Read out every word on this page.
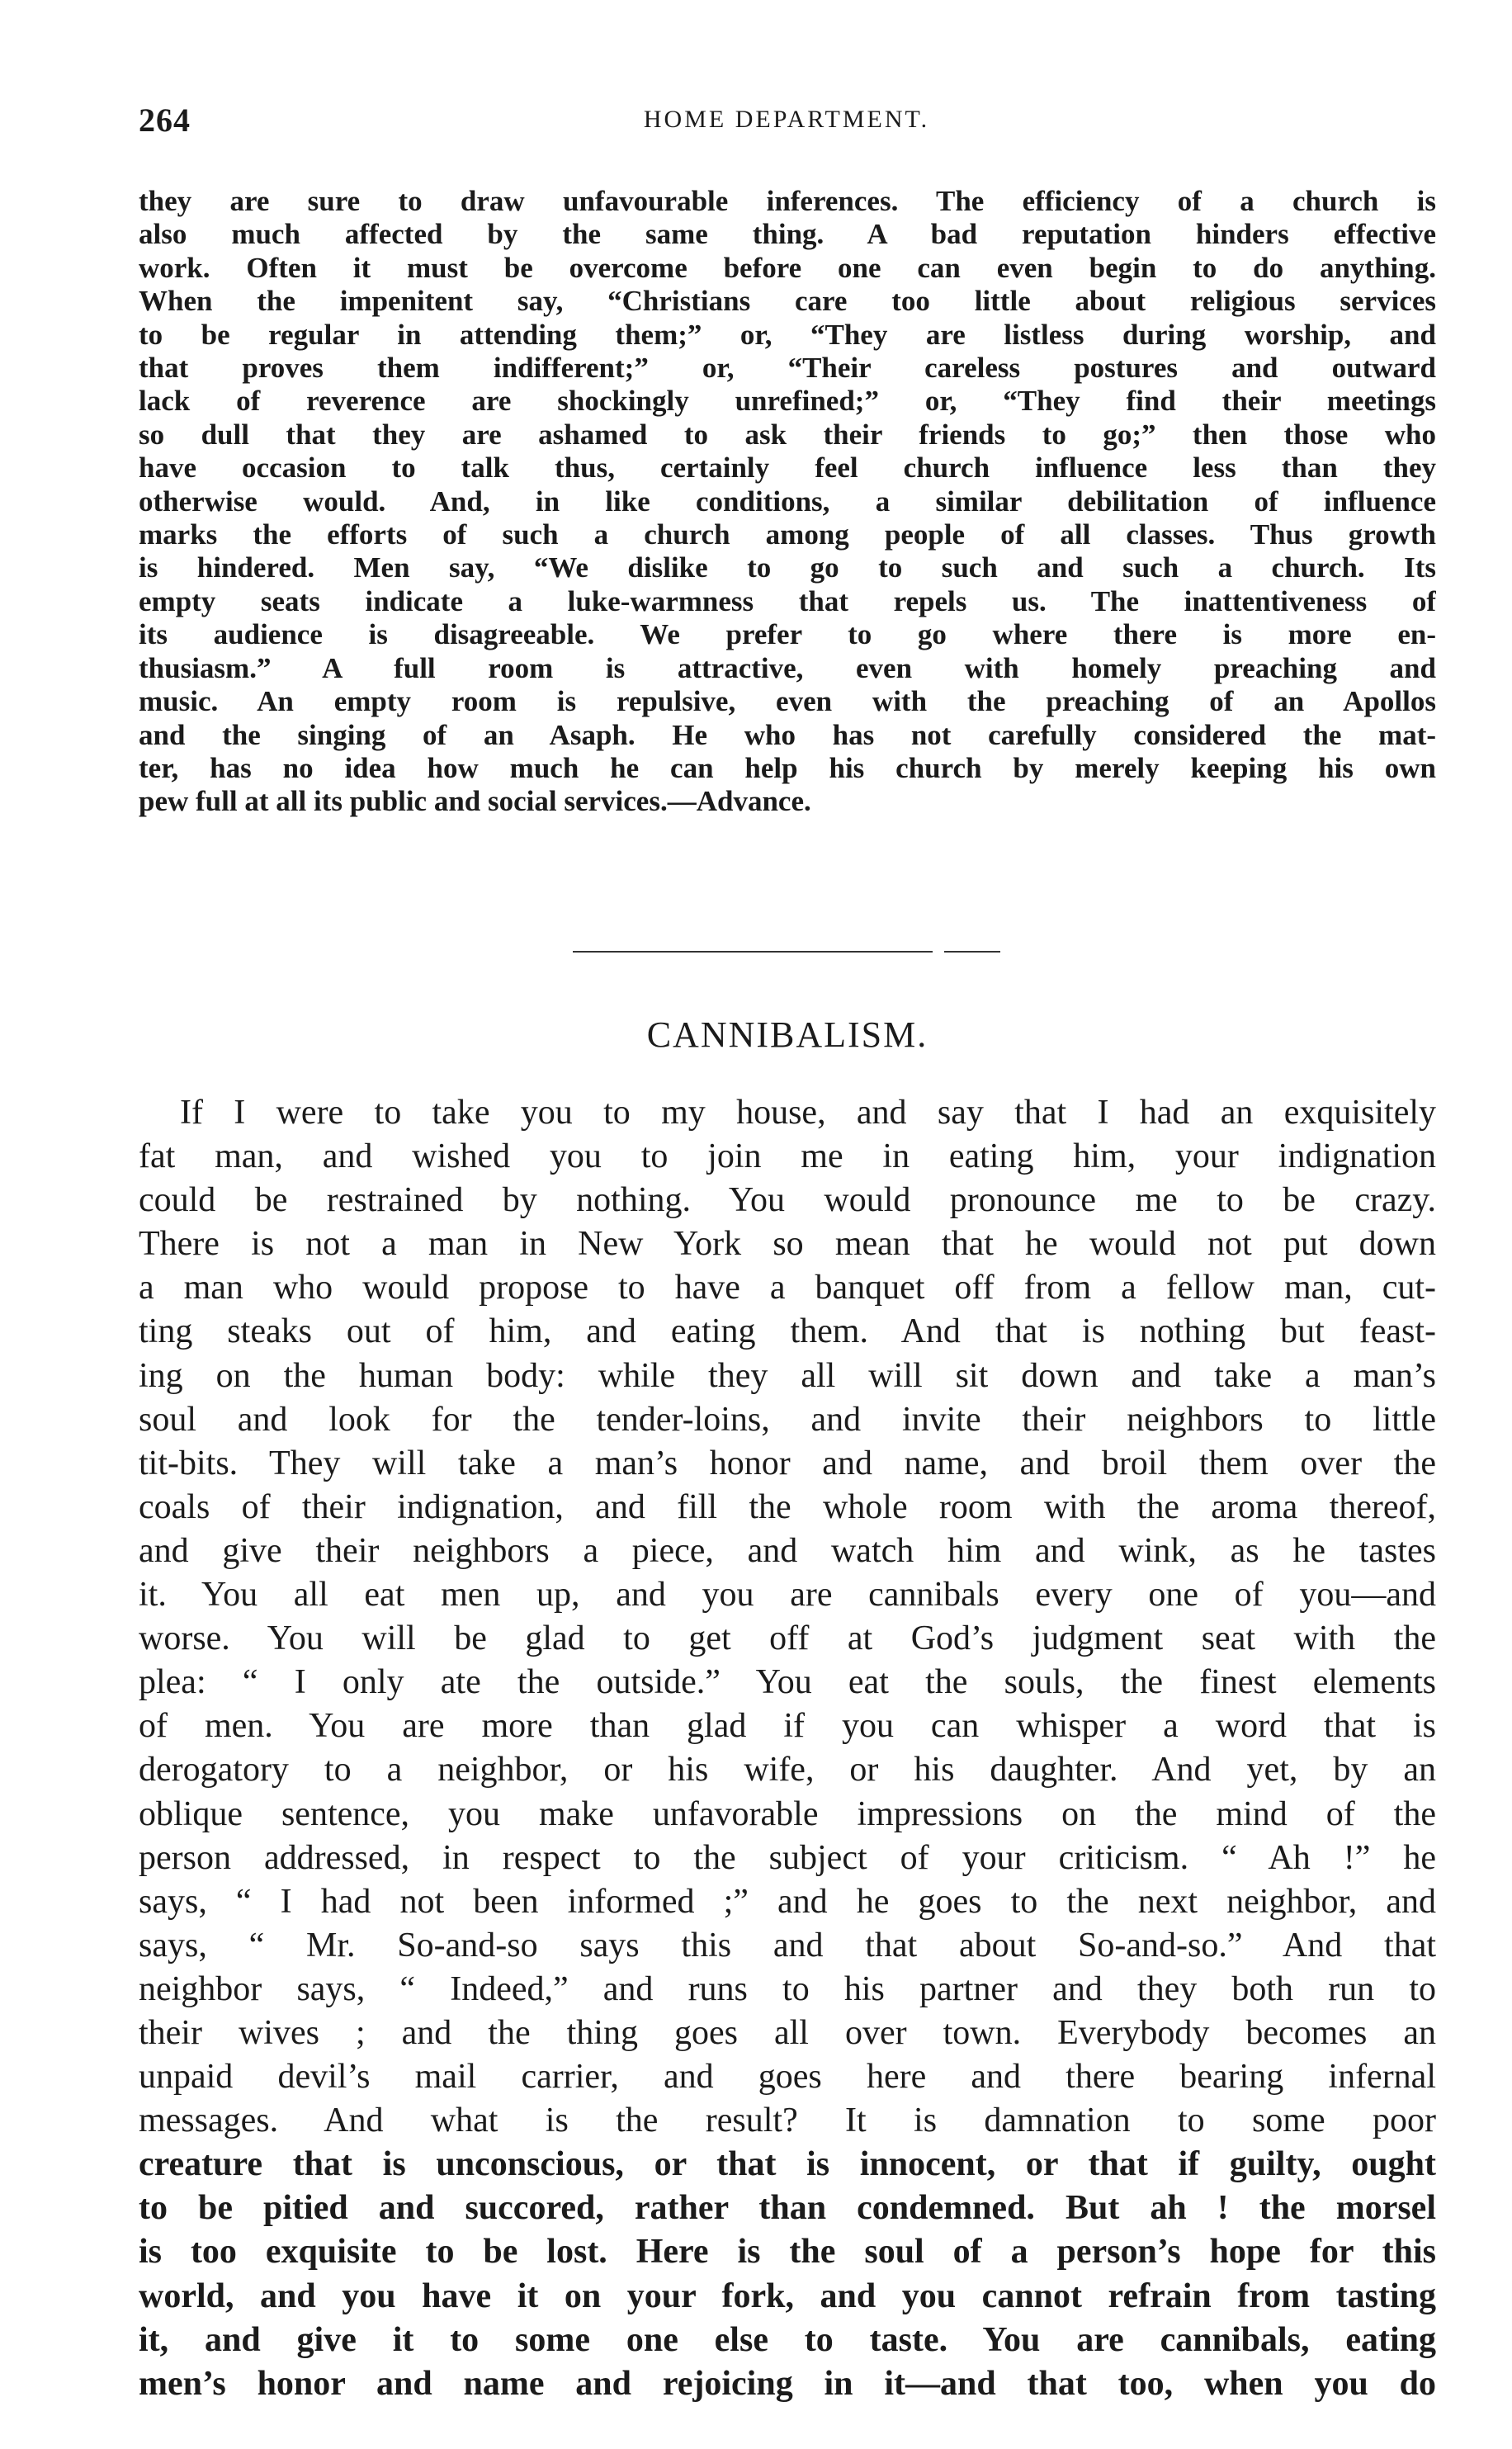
264	HOME DEPARTMENT.
they are sure to draw unfavourable inferences. The efficiency of a church is
also much affected by the same thing. A bad reputation hinders effective
work. Often it must be overcome before one can even begin to do anything.
When the impenitent say, “Christians care too little about religious services
to be regular in attending them;” or, “They are listless during worship, and
that proves them indifferent;” or, “Their careless postures and outward
lack of reverence are shockingly unrefined;” or, “They find their meetings
so dull that they are ashamed to ask their friends to go;” then those who
have occasion to talk thus, certainly feel church influence less than they
otherwise would. And, in like conditions, a similar debilitation of influence
marks the efforts of such a church among people of all classes. Thus growth
is hindered. Men say, “We dislike to go to such and such a church. Its
empty seats indicate a luke-warmness that repels us. The inattentiveness of
its audience is disagreeable. We prefer to go where there is more en-
thusiasm.” A full room is attractive, even with homely preaching and
music. An empty room is repulsive, even with the preaching of an Apollos
and the singing of an Asaph. He who has not carefully considered the mat-
ter, has no idea how much he can help his church by merely keeping his own
pew full at all its public and social services.—Advance.
CANNIBALISM.
If I were to take you to my house, and say that I had an exquisitely
fat man, and wished you to join me in eating him, your indignation
could be restrained by nothing. You would pronounce me to be crazy.
There is not a man in New York so mean that he would not put down
a man who would propose to have a banquet off from a fellow man, cut-
ting steaks out of him, and eating them. And that is nothing but feast-
ing on the human body: while they all will sit down and take a man’s
soul and look for the tender-loins, and invite their neighbors to little
tit-bits. They will take a man’s honor and name, and broil them over the
coals of their indignation, and fill the whole room with the aroma thereof,
and give their neighbors a piece, and watch him and wink, as he tastes
it. You all eat men up, and you are cannibals every one of you—and
worse. You will be glad to get off at God’s judgment seat with the
plea: “ I only ate the outside.” You eat the souls, the finest elements
of men. You are more than glad if you can whisper a word that is
derogatory to a neighbor, or his wife, or his daughter. And yet, by an
oblique sentence, you make unfavorable impressions on the mind of the
person addressed, in respect to the subject of your criticism. “ Ah !” he
says, “ I had not been informed ;” and he goes to the next neighbor, and
says, “ Mr. So-and-so says this and that about So-and-so.” And that
neighbor says, “ Indeed,” and runs to his partner and they both run to
their wives ; and the thing goes all over town. Everybody becomes an
unpaid devil’s mail carrier, and goes here and there bearing infernal
messages. And what is the result? It is damnation to some poor
creature that is unconscious, or that is innocent, or that if guilty, ought
to be pitied and succored, rather than condemned. But ah ! the morsel
is too exquisite to be lost. Here is the soul of a person’s hope for this
world, and you have it on your fork, and you cannot refrain from tasting
it, and give it to some one else to taste. You are cannibals, eating
men’s honor and name and rejoicing in it—and that too, when you do
